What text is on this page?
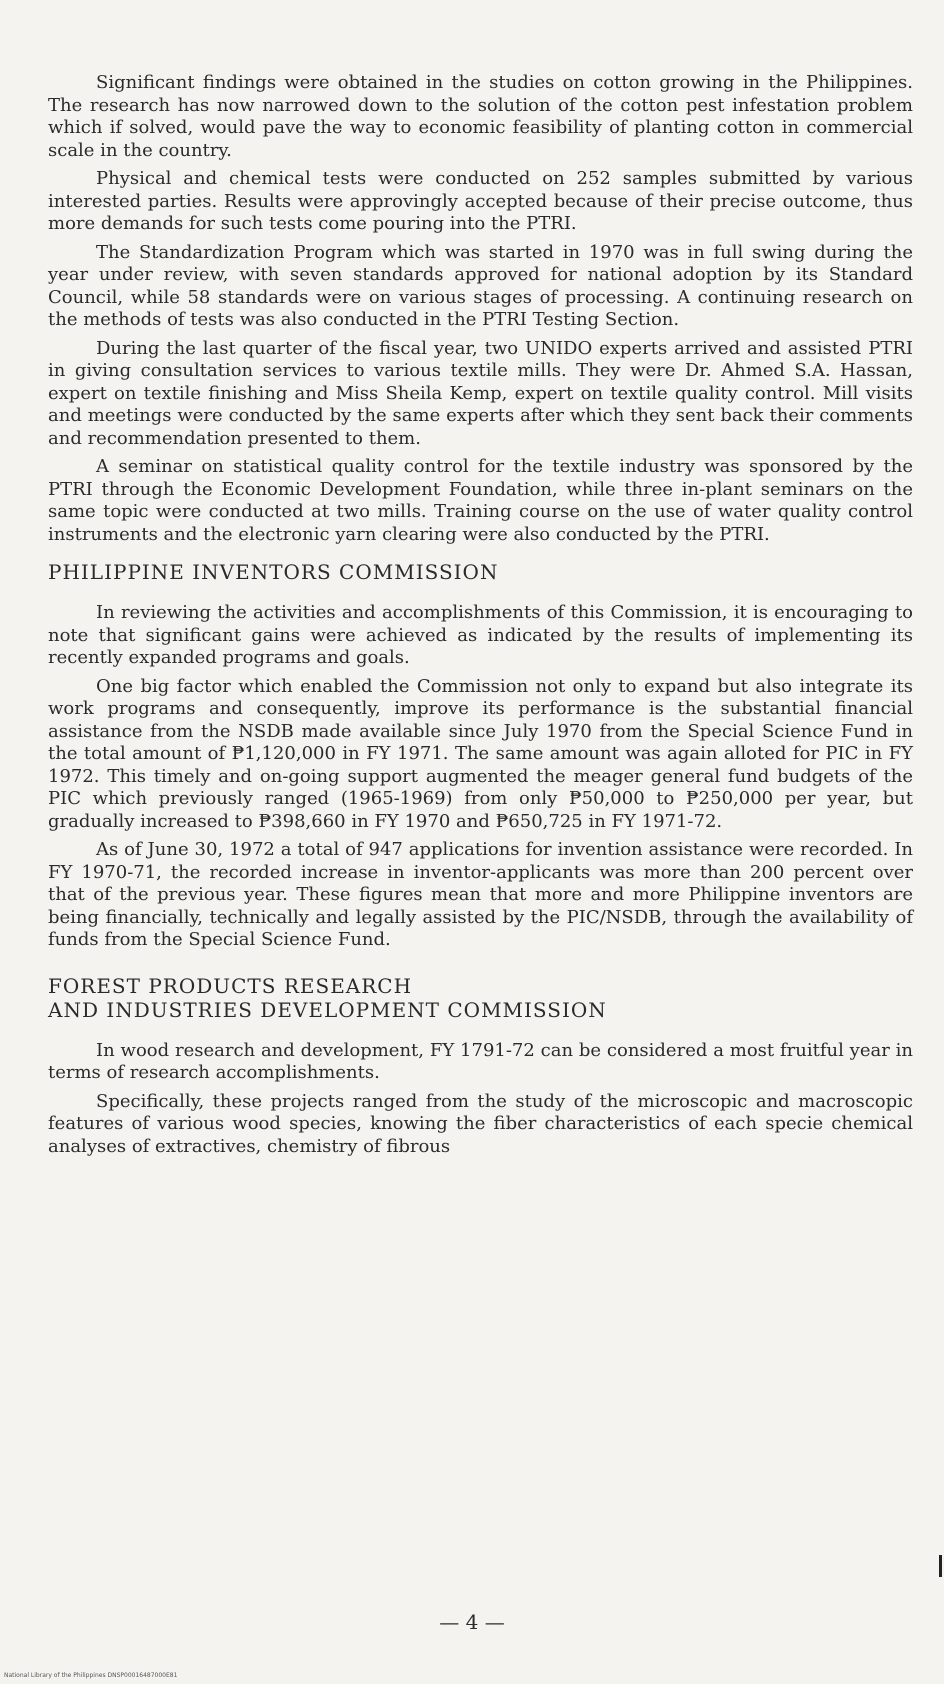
Significant findings were obtained in the studies on cotton growing in the Philippines. The research has now narrowed down to the solution of the cotton pest infestation problem which if solved, would pave the way to economic feasibility of planting cotton in commercial scale in the country.

Physical and chemical tests were conducted on 252 samples submitted by various interested parties. Results were approvingly accepted because of their precise outcome, thus more demands for such tests come pouring into the PTRI.

The Standardization Program which was started in 1970 was in full swing during the year under review, with seven standards approved for national adoption by its Standard Council, while 58 standards were on various stages of processing. A continuing research on the methods of tests was also conducted in the PTRI Testing Section.

During the last quarter of the fiscal year, two UNIDO experts arrived and assisted PTRI in giving consultation services to various textile mills. They were Dr. Ahmed S.A. Hassan, expert on textile finishing and Miss Sheila Kemp, expert on textile quality control. Mill visits and meetings were conducted by the same experts after which they sent back their comments and recommendation presented to them.

A seminar on statistical quality control for the textile industry was sponsored by the PTRI through the Economic Development Foundation, while three in-plant seminars on the same topic were conducted at two mills. Training course on the use of water quality control instruments and the electronic yarn clearing were also conducted by the PTRI.

PHILIPPINE INVENTORS COMMISSION

In reviewing the activities and accomplishments of this Commission, it is encouraging to note that significant gains were achieved as indicated by the results of implementing its recently expanded programs and goals.

One big factor which enabled the Commission not only to expand but also integrate its work programs and consequently, improve its performance is the substantial financial assistance from the NSDB made available since July 1970 from the Special Science Fund in the total amount of ₱1,120,000 in FY 1971. The same amount was again alloted for PIC in FY 1972. This timely and on-going support augmented the meager general fund budgets of the PIC which previously ranged (1965-1969) from only ₱50,000 to ₱250,000 per year, but gradually increased to ₱398,660 in FY 1970 and ₱650,725 in FY 1971-72.

As of June 30, 1972 a total of 947 applications for invention assistance were recorded. In FY 1970-71, the recorded increase in inventor-applicants was more than 200 percent over that of the previous year. These figures mean that more and more Philippine inventors are being financially, technically and legally assisted by the PIC/NSDB, through the availability of funds from the Special Science Fund.

FOREST PRODUCTS RESEARCH
AND INDUSTRIES DEVELOPMENT COMMISSION

In wood research and development, FY 1791-72 can be considered a most fruitful year in terms of research accomplishments.

Specifically, these projects ranged from the study of the microscopic and macroscopic features of various wood species, knowing the fiber characteristics of each specie chemical analyses of extractives, chemistry of fibrous

— 4 —
National Library of the Philippines DNSP00016487000E81
